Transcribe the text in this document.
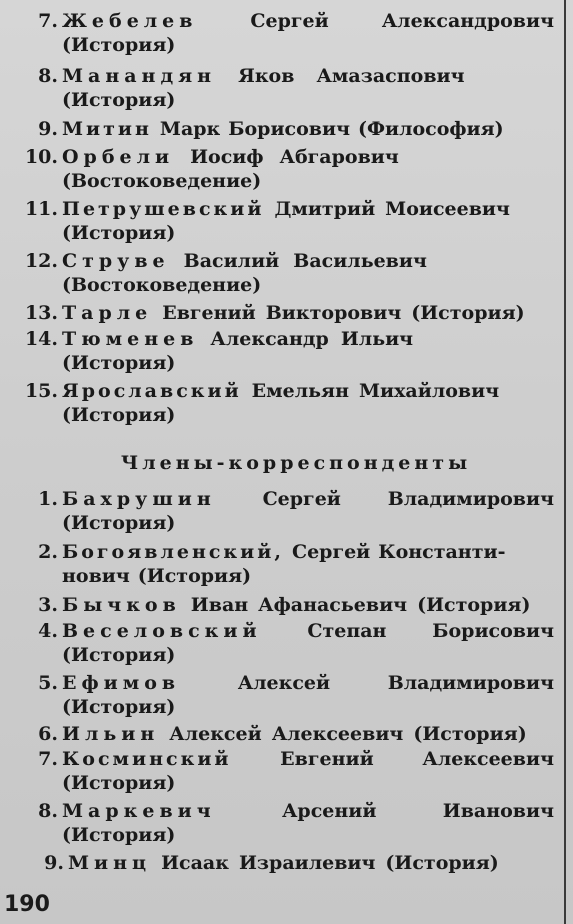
7. Жебелев	Сергей	Александрович
(История)
8. Манандян Яков Амазаспович
(История)
9. Митин Марк Борисович (Философия)
10. Орбели Иосиф Абгарович
(Востоковедение)
11. Петрушевский Дмитрий Моисеевич
(История)
12. Струве Василий Васильевич
(Востоковедение)
13. Тарле Евгений Викторович (История)
14. Тюменев Александр Ильич
(История)
15. Ярославский Емельян Михайлович
(История)
Члены-корреспонденты
1. Бахрушин Сергей Владимирович
(История)
2. Богоявленский, Сергей Константи-
нович (История)
3. Бычков Иван Афанасьевич (История)
4. Веселовский Степан Борисович
(История)
5. Ефимов	Алексей	Владимирович
(История)
6. Ильин Алексей Алексеевич (История)
7. Косминский	Евгений	Алексеевич
(История)
8. Маркевич	Арсений	Иванович
(История)
9. Минц Исаак Израилевич (История)
190
